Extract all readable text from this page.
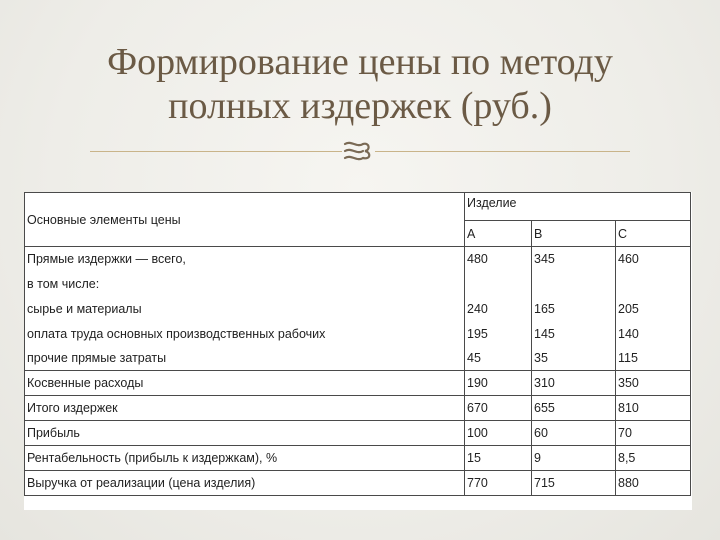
Формирование цены по методу
полных издержек (руб.)
Основные элементы цены	Изделие		
	A	B	C
Прямые издержки — всего,	480	345	460
в том числе:			
сырье и материалы	240	165	205
оплата труда основных производственных рабочих	195	145	140
прочие прямые затраты	45	35	115
Косвенные расходы	190	310	350
Итого издержек	670	655	810
Прибыль	100	60	70
Рентабельность (прибыль к издержкам), %	15	9	8,5
Выручка от реализации (цена изделия)	770	715	880
